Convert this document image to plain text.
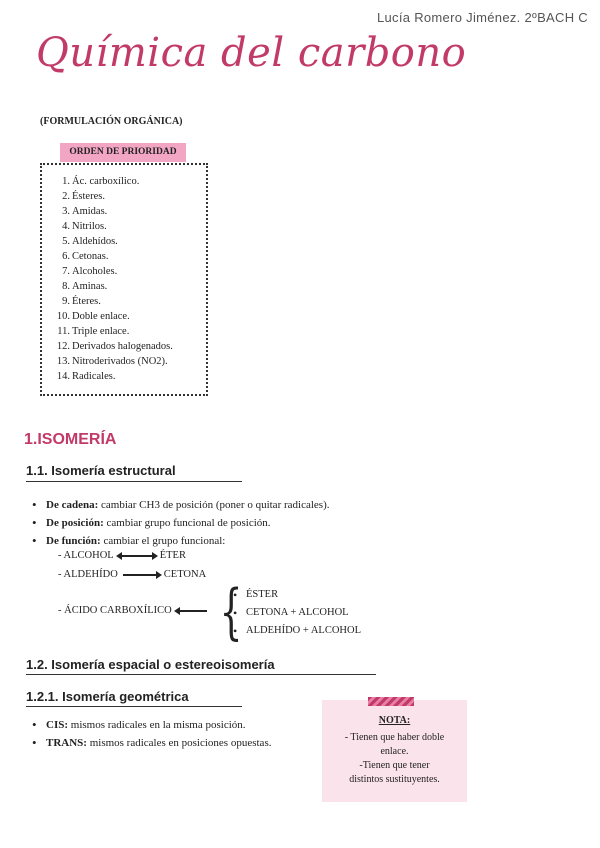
Lucía Romero Jiménez. 2ºBACH C
Química del carbono
(FORMULACIÓN ORGÁNICA)
ORDEN DE PRIORIDAD
1. Ác. carboxílico.
2. Ésteres.
3. Amidas.
4. Nitrilos.
5. Aldehídos.
6. Cetonas.
7. Alcoholes.
8. Aminas.
9. Éteres.
10. Doble enlace.
11. Triple enlace.
12. Derivados halogenados.
13. Nitroderivados (NO2).
14. Radicales.
1.ISOMERÍA
1.1. Isomería estructural
• De cadena: cambiar CH3 de posición (poner o quitar radicales).
• De posición: cambiar grupo funcional de posición.
• De función: cambiar el grupo funcional:
- ALCOHOL	ÉTER
- ALDEHÍDO	CETONA
- ÁCIDO CARBOXÍLICO {
• ÉSTER
• CETONA + ALCOHOL
• ALDEHÍDO + ALCOHOL
1.2. Isomería espacial o estereoisomería
1.2.1. Isomería geométrica
• CIS: mismos radicales en la misma posición.
• TRANS: mismos radicales en posiciones opuestas.
NOTA:
- Tienen que haber doble
enlace.
-Tienen que tener
distintos sustituyentes.
